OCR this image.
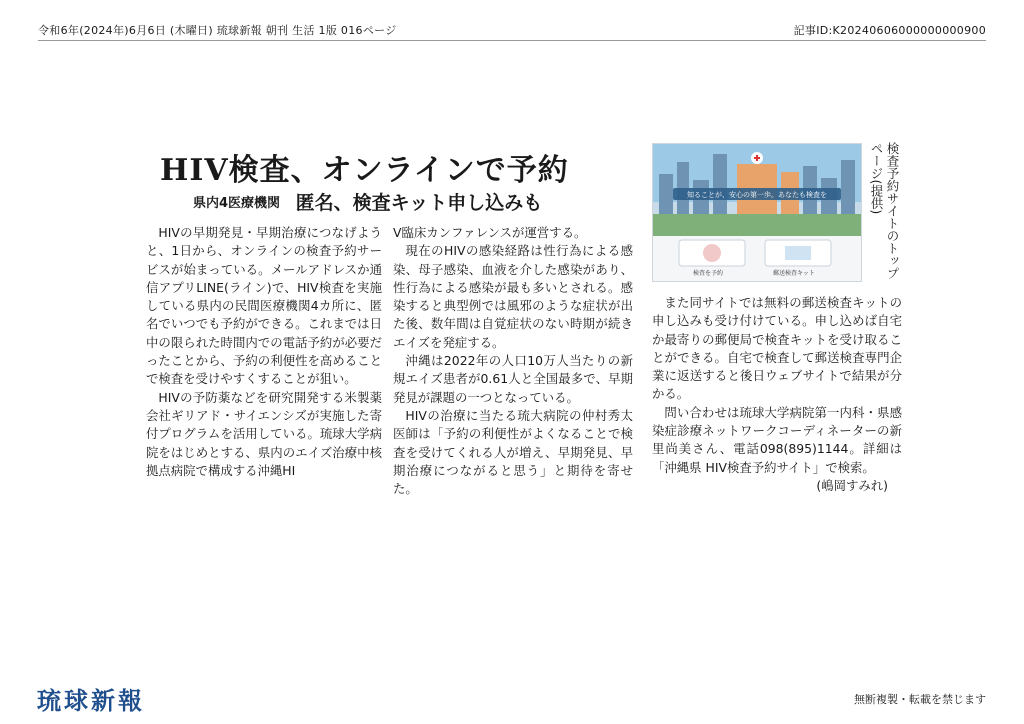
令和6年(2024年)6月6日 (木曜日) 琉球新報 朝刊 生活 1版 016ページ	記事ID:K20240606000000000900
HIV検査、オンラインで予約
県内4医療機関 匿名、検査キット申し込みも

HIVの早期発見・早期治療につなげようと、1日から、オンラインの検査予約サービスが始まっている。メールアドレスか通信アプリLINE(ライン)で、HIV検査を実施している県内の民間医療機関4カ所に、匿名でいつでも予約ができる。これまでは日中の限られた時間内での電話予約が必要だったことから、予約の利便性を高めることで検査を受けやすくすることが狙い。

HIVの予防薬などを研究開発する米製薬会社ギリアド・サイエンシズが実施した寄付プログラムを活用している。琉球大学病院をはじめとする、県内のエイズ治療中核拠点病院で構成する沖縄HI

V臨床カンファレンスが運営する。

現在のHIVの感染経路は性行為による感染、母子感染、血液を介した感染があり、性行為による感染が最も多いとされる。感染すると典型例では風邪のような症状が出た後、数年間は自覚症状のない時期が続きエイズを発症する。

沖縄は2022年の人口10万人当たりの新規エイズ患者が0.61人と全国最多で、早期発見が課題の一つとなっている。

HIVの治療に当たる琉大病院の仲村秀太医師は「予約の利便性がよくなることで検査を受けてくれる人が増え、早期発見、早期治療につながると思う」と期待を寄せた。

知ることが、安心の第一歩。あなたも検査を
検査を予約	郵送検査キット	検査予約サイトのトップページ(提供)

また同サイトでは無料の郵送検査キットの申し込みも受け付けている。申し込めば自宅か最寄りの郵便局で検査キットを受け取ることができる。自宅で検査して郵送検査専門企業に返送すると後日ウェブサイトで結果が分かる。

問い合わせは琉球大学病院第一内科・県感染症診療ネットワークコーディネーターの新里尚美さん、電話098(895)1144。詳細は「沖縄県 HIV検査予約サイト」で検索。

(嶋岡すみれ)

琉球新報	無断複製・転載を禁じます
